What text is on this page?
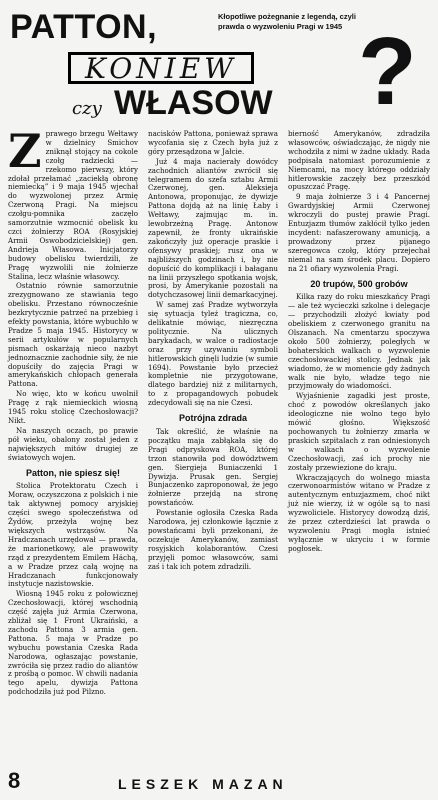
PATTON,
KONIEW
czy WŁASOW
Kłopotliwe pożegnanie z legendą, czyli prawda o wyzwoleniu Pragi w 1945 ?

Zprawego brzegu Wełtawy w dzielnicy Smichov zniknął stojący na cokole czołg radziecki — rzekomo pierwszy, który zdołał przełamać „zaciekłą obronę niemiecką” i 9 maja 1945 wjechał do wyzwolonej przez Armię Czerwoną Pragi. Na miejscu czołgu-pomnika zaczęło samorzutnie wzmocnić obelisk ku czci żołnierzy ROA (Rosyjskiej Armii Oswobodzicielskiej) gen. Andrieja Własowa. Inicjatorzy budowy obelisku twierdzili, że Pragę wyzwolili nie żołnierze Stalina, lecz właśnie własowcy.

Ostatnio równie samorzutnie zrezygnowano ze stawiania tego obelisku. Przestano równocześnie bezkrytycznie patrzeć na przebieg i efekty powstania, które wybuchło w Pradze 5 maja 1945. Historycy w serii artykułów w popularnych pismach oskarżają nieco nazbyt jednoznacznie zachodnie siły, że nie dopuściły do zajęcia Pragi w amerykańskich chłopach generała Pattona.

No więc, kto w końcu uwolnił Pragę z rąk niemieckich wiosną 1945 roku stolicę Czechosłowacji? Nikt.

Na naszych oczach, po prawie pół wieku, obalony został jeden z największych mitów drugiej ze światowych wojen.

Patton, nie spiesz się!

Stolica Protektoratu Czech i Moraw, oczyszczona z polskich i nie tak aktywnej pomocy aryjskiej części swego społeczeństwa od Żydów, przeżyła wojnę bez większych wstrząsów. Na Hradczanach urzędował — prawda, że marionetkowy, ale prawowity rząd z prezydentem Emilem Háchą, a w Pradze przez całą wojnę na Hradczanach funkcjonowały instytucje nazistowskie.

Wiosną 1945 roku z połowicznej Czechosłowacji, której wschodnią część zajęła już Armia Czerwona, zbliżał się 1 Front Ukraiński, a zachodu Pattona 3 armia gen. Pattona. 5 maja w Pradze po wybuchu powstania Czeska Rada Narodowa, ogłaszając powstanie, zwróciła się przez radio do aliantów z prośbą o pomoc. W chwili nadania tego apelu, dywizja Pattona podchodziła już pod Pilzno.

nacisków Pattona, ponieważ sprawa wycofania się z Czech była już z góry przesądzona w Jałcie.

Już 4 maja nacierały dowódcy zachodnich aliantów zwrócił się telegramem do szefa sztabu Armii Czerwonej, gen. Aleksieja Antonowa, proponując, że dywizje Pattona dojdą aż na linię Łaby i Wełtawy, zajmując m. in. lewobrzeżną Pragę. Antonow zapewnił, że fronty ukraińskie zakończyły już operacje praskie i ofensywy praskiej; rusz ona w najbliższych godzinach i, by nie dopuścić do komplikacji i bałaganu na linii przyszłego spotkania wojsk, prosi, by Amerykanie pozostali na dotychczasowej linii demarkacyjnej.

W samej zaś Pradze wytworzyła się sytuacja tyleż tragiczna, co, delikatnie mówiąc, niezręczna politycznie. Na ulicznych barykadach, w walce o radiostacje oraz przy uzywaniu symboli hitlerowskich ginęli ludzie (w sumie 1694). Powstanie było przecież kompletnie nie przygotowane, dlatego bardziej niż z militarnych, to z propagandowych pobudek zdecydowali się na nie Czesi.

Potrójna zdrada

Tak określić, że właśnie na początku maja zabłąkała się do Pragi odpryskowa ROA, której trzon stanowiła pod dowództwem gen. Siergieja Buniaczenki 1 Dywizja. Prusak gen. Sergiej Bunjaczenko zaproponował, że jego żołnierze przejdą na stronę powstańców.

Powstanie ogłosiła Czeska Rada Narodowa, jej członkowie łącznie z powstańcami byli przekonani, że oczekuje Amerykanów, zamiast rosyjskich kolaborantów. Czesi przyjęli pomoc własowców, sami zaś i tak ich potem zdradzili.

bierność Amerykanów, zdradziła własowców, oświadczając, że nigdy nie wchodziła z nimi w żadne układy. Rada podpisała natomiast porozumienie z Niemcami, na mocy którego oddziały hitlerowskie zaczęły bez przeszkód opuszczać Pragę.

9 maja żołnierze 3 i 4 Pancernej Gwardyjskiej Armii Czerwonej wkroczyli do pustej prawie Pragi. Entuzjazm tłumów zakłócił tylko jeden incydent: nafaszerowany amunicją, a prowadzony przez pijanego szeregowca czołg, który przejechał niemal na sam środek placu. Dopiero na 21 ofiary wyzwolenia Pragi.

20 trupów, 500 grobów

Kilka razy do roku mieszkańcy Pragi — ale też wycieczki szkolne i delegacje — przychodzili złożyć kwiaty pod obeliskiem z czerwonego granitu na Olszanach. Na cmentarzu spoczywa około 500 żołnierzy, poległych w bohaterskich walkach o wyzwolenie czechosłowackiej stolicy. Jednak jak wiadomo, że w momencie gdy żadnych walk nie było, władze tego nie przyjmowały do wiadomości.

Wyjaśnienie zagadki jest proste, choć z powodów określanych jako ideologiczne nie wolno tego było mówić głośno. Większość pochowanych tu żołnierzy zmarła w praskich szpitalach z ran odniesionych w walkach o wyzwolenie Czechosłowacji, zaś ich prochy nie zostały przewiezione do kraju.

Wkraczających do wolnego miasta czerwonoarmistów witano w Pradze z autentycznym entuzjazmem, choć nikt już nie wierzy, iż w ogóle są to nasi wyzwoliciele. Historycy dowodzą dziś, że przez czterdzieści lat prawda o wyzwoleniu Pragi mogła istnieć wyłącznie w ukryciu i w formie pogłosek.

8	LESZEK MAZAN
